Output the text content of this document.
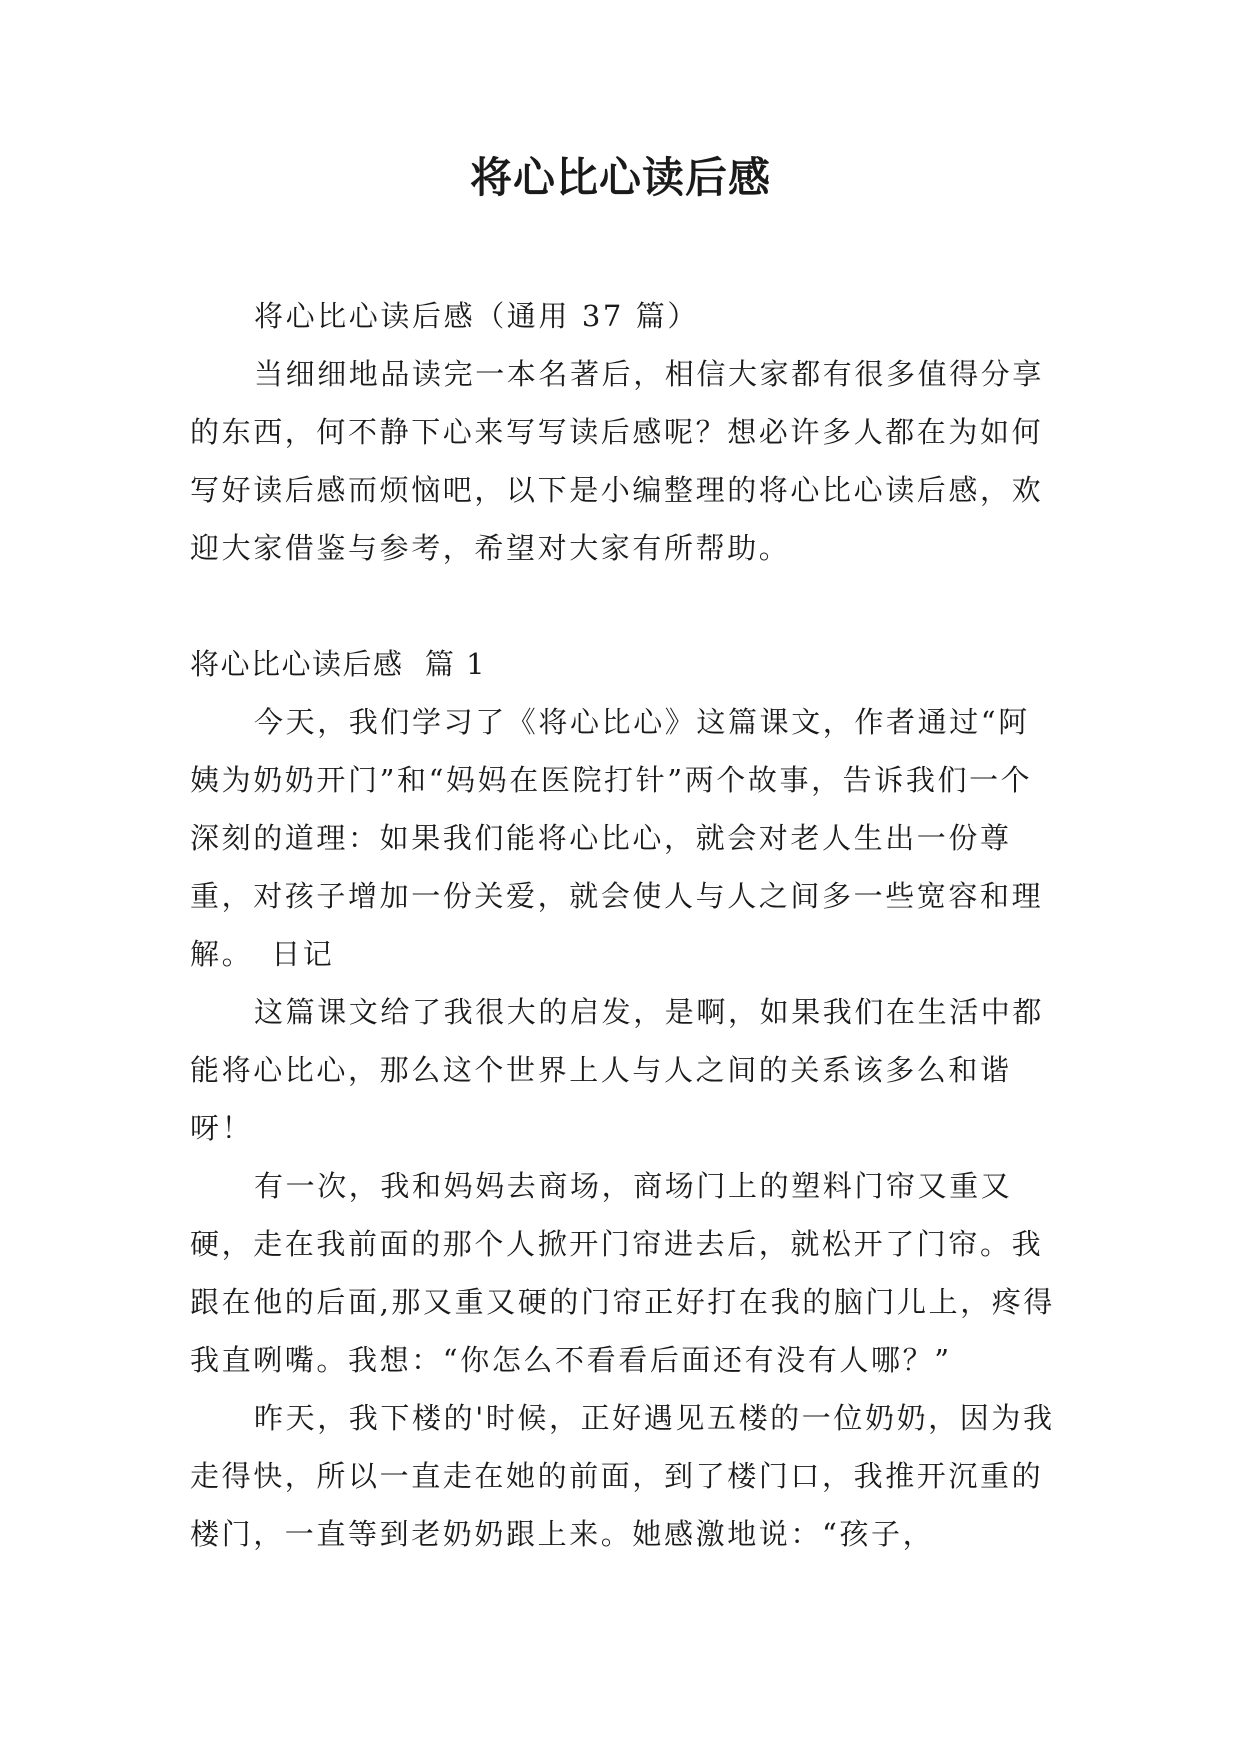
将心比心读后感

将心比心读后感（通用 37 篇）

当细细地品读完一本名著后，相信大家都有很多值得分享的东西，何不静下心来写写读后感呢？想必许多人都在为如何写好读后感而烦恼吧，以下是小编整理的将心比心读后感，欢迎大家借鉴与参考，希望对大家有所帮助。

将心比心读后感  篇 1

今天，我们学习了《将心比心》这篇课文，作者通过“阿姨为奶奶开门”和“妈妈在医院打针”两个故事，告诉我们一个深刻的道理：如果我们能将心比心，就会对老人生出一份尊重，对孩子增加一份关爱，就会使人与人之间多一些宽容和理解。 日记

这篇课文给了我很大的启发，是啊，如果我们在生活中都能将心比心，那么这个世界上人与人之间的关系该多么和谐呀！

有一次，我和妈妈去商场，商场门上的塑料门帘又重又硬，走在我前面的那个人掀开门帘进去后，就松开了门帘。我跟在他的后面,那又重又硬的门帘正好打在我的脑门儿上，疼得我直咧嘴。我想：“你怎么不看看后面还有没有人哪？”

昨天，我下楼的'时候，正好遇见五楼的一位奶奶，因为我走得快，所以一直走在她的前面，到了楼门口，我推开沉重的楼门，一直等到老奶奶跟上来。她感激地说：“孩子，
